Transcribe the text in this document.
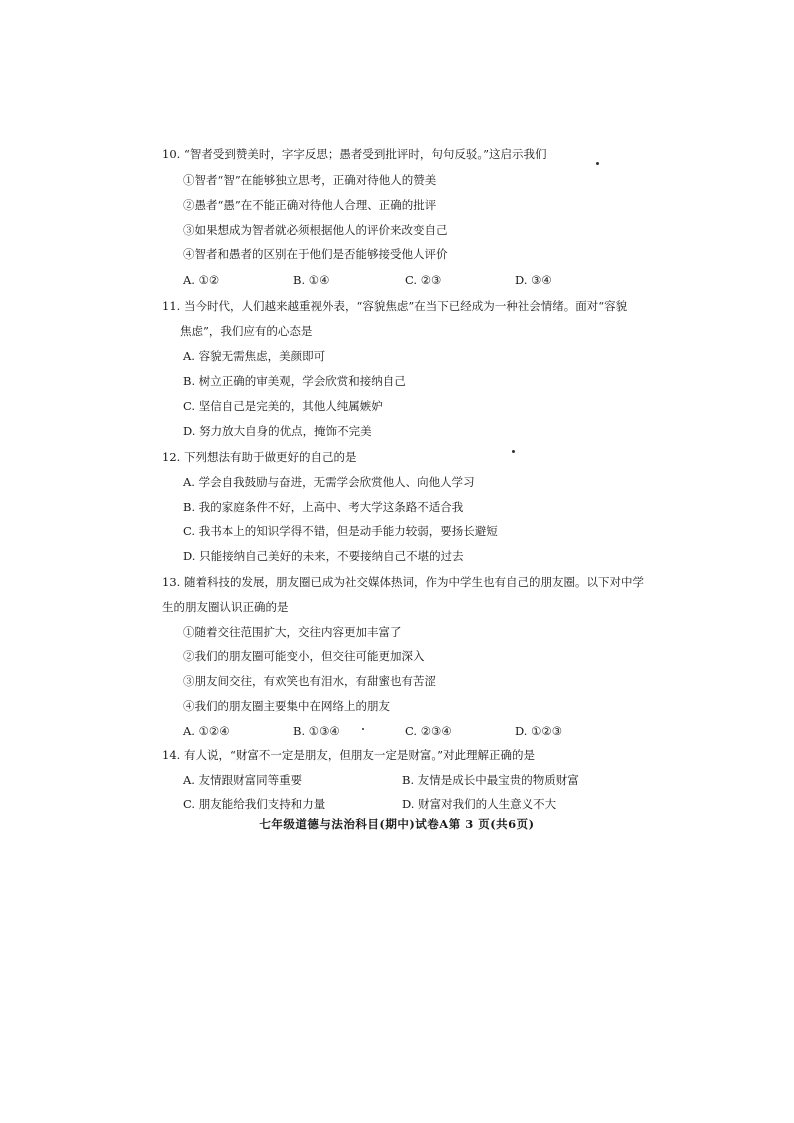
10. “智者受到赞美时，字字反思；愚者受到批评时，句句反驳。”这启示我们
①智者“智”在能够独立思考，正确对待他人的赞美
②愚者“愚”在不能正确对待他人合理、正确的批评
③如果想成为智者就必须根据他人的评价来改变自己
④智者和愚者的区别在于他们是否能够接受他人评价
A. ①②	B. ①④	C. ②③	D. ③④
11. 当今时代，人们越来越重视外表，“容貌焦虑”在当下已经成为一种社会情绪。面对“容貌
焦虑”，我们应有的心态是
A. 容貌无需焦虑，美颜即可
B. 树立正确的审美观，学会欣赏和接纳自己
C. 坚信自己是完美的，其他人纯属嫉妒
D. 努力放大自身的优点，掩饰不完美
12. 下列想法有助于做更好的自己的是
A. 学会自我鼓励与奋进，无需学会欣赏他人、向他人学习
B. 我的家庭条件不好，上高中、考大学这条路不适合我
C. 我书本上的知识学得不错，但是动手能力较弱，要扬长避短
D. 只能接纳自己美好的未来，不要接纳自己不堪的过去
13. 随着科技的发展，朋友圈已成为社交媒体热词，作为中学生也有自己的朋友圈。以下对中学
生的朋友圈认识正确的是
①随着交往范围扩大，交往内容更加丰富了
②我们的朋友圈可能变小，但交往可能更加深入
③朋友间交往，有欢笑也有泪水，有甜蜜也有苦涩
④我们的朋友圈主要集中在网络上的朋友
A. ①②④	B. ①③④	C. ②③④	D. ①②③
14. 有人说，“财富不一定是朋友，但朋友一定是财富。”对此理解正确的是
A. 友情跟财富同等重要	B. 友情是成长中最宝贵的物质财富
C. 朋友能给我们支持和力量	D. 财富对我们的人生意义不大
七年级道德与法治科目(期中)试卷A第 3 页(共6页)
